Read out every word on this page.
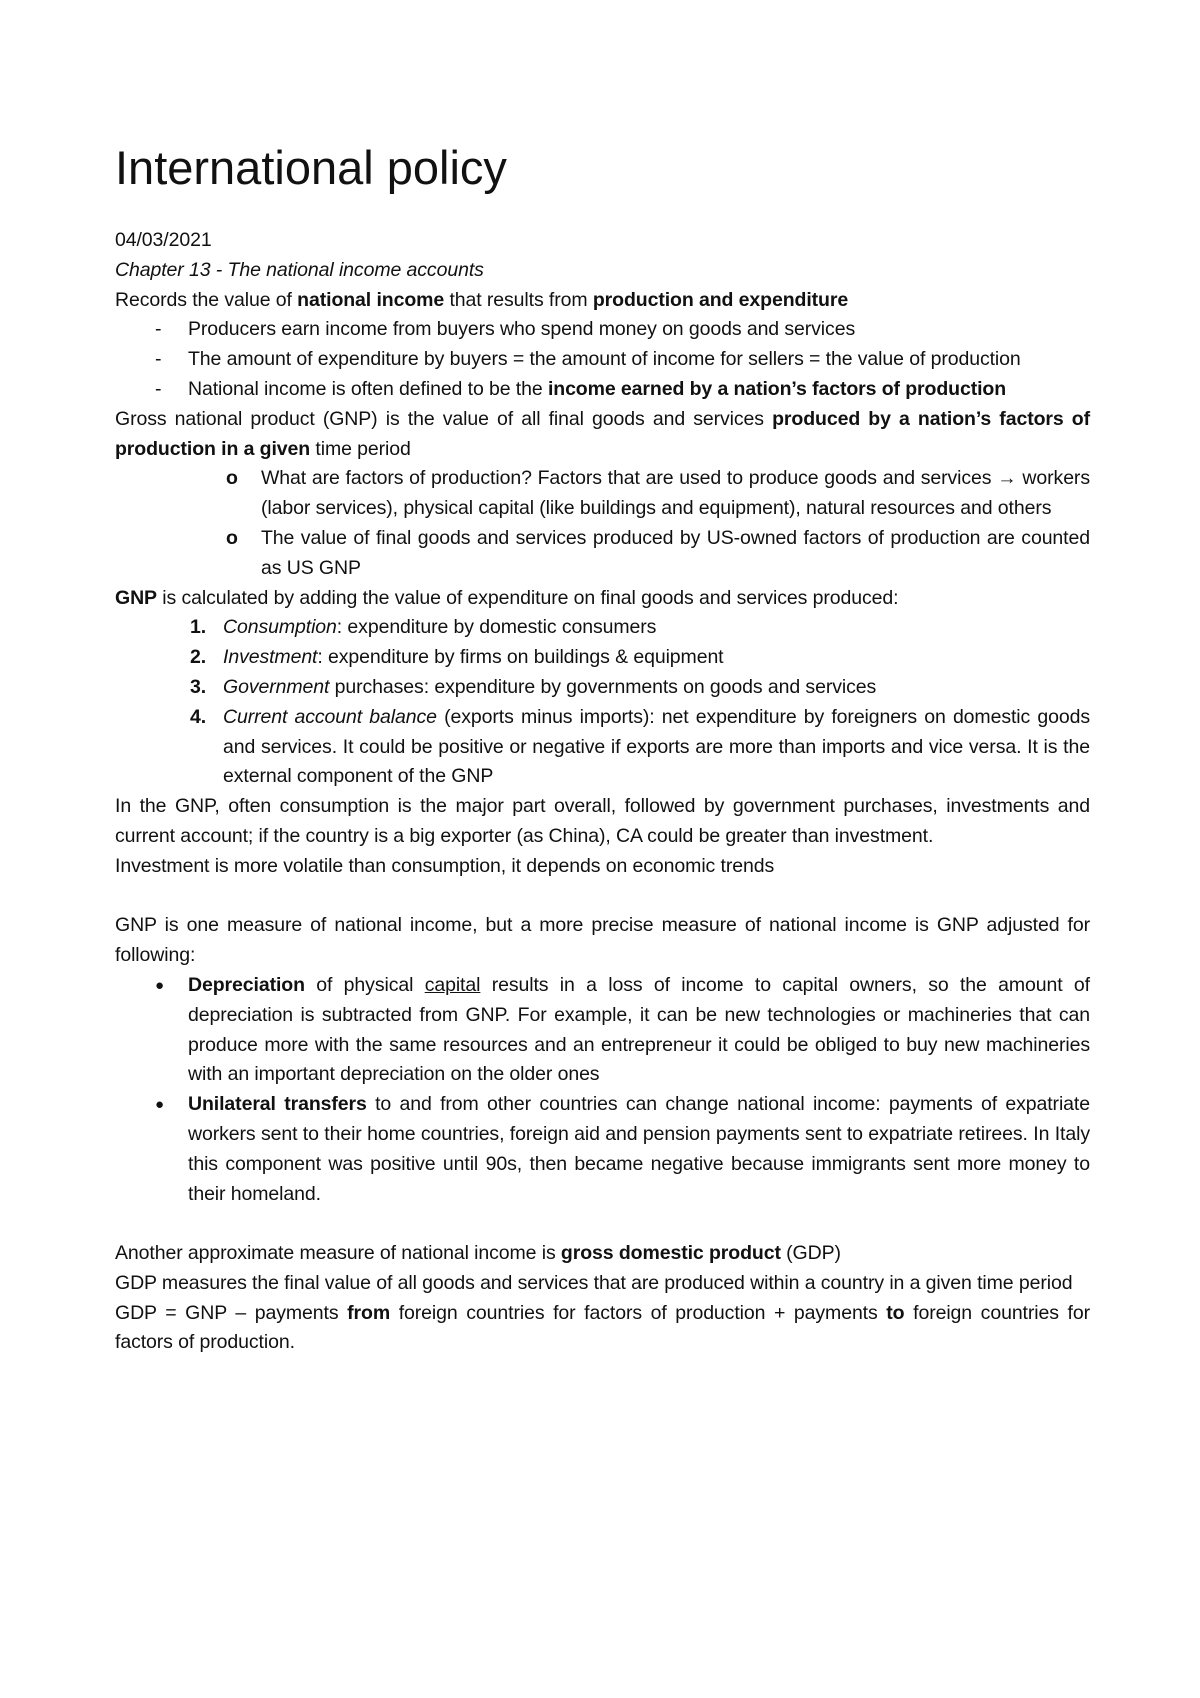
International policy

04/03/2021

Chapter 13 - The national income accounts

Records the value of national income that results from production and expenditure

- Producers earn income from buyers who spend money on goods and services
- The amount of expenditure by buyers = the amount of income for sellers = the value of production
- National income is often defined to be the income earned by a nation’s factors of production

Gross national product (GNP) is the value of all final goods and services produced by a nation’s factors of production in a given time period

o What are factors of production? Factors that are used to produce goods and services → workers (labor services), physical capital (like buildings and equipment), natural resources and others
o The value of final goods and services produced by US-owned factors of production are counted as US GNP

GNP is calculated by adding the value of expenditure on final goods and services produced:

1. Consumption: expenditure by domestic consumers
2. Investment: expenditure by firms on buildings & equipment
3. Government purchases: expenditure by governments on goods and services
4. Current account balance (exports minus imports): net expenditure by foreigners on domestic goods and services. It could be positive or negative if exports are more than imports and vice versa. It is the external component of the GNP

In the GNP, often consumption is the major part overall, followed by government purchases, investments and current account; if the country is a big exporter (as China), CA could be greater than investment.

Investment is more volatile than consumption, it depends on economic trends

GNP is one measure of national income, but a more precise measure of national income is GNP adjusted for following:

● Depreciation of physical capital results in a loss of income to capital owners, so the amount of depreciation is subtracted from GNP. For example, it can be new technologies or machineries that can produce more with the same resources and an entrepreneur it could be obliged to buy new machineries with an important depreciation on the older ones
● Unilateral transfers to and from other countries can change national income: payments of expatriate workers sent to their home countries, foreign aid and pension payments sent to expatriate retirees. In Italy this component was positive until 90s, then became negative because immigrants sent more money to their homeland.

Another approximate measure of national income is gross domestic product (GDP)

GDP measures the final value of all goods and services that are produced within a country in a given time period

GDP = GNP – payments from foreign countries for factors of production + payments to foreign countries for factors of production.
